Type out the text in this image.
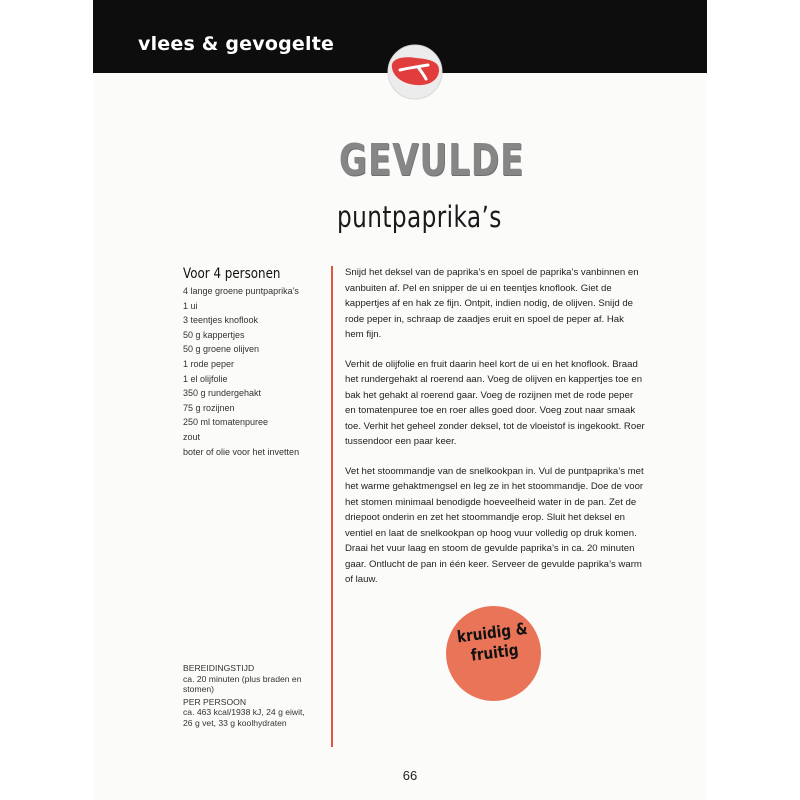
vlees & gevogelte
GEVULDE
puntpaprika’s
Voor 4 personen
4 lange groene puntpaprika’s
1 ui
3 teentjes knoflook
50 g kappertjes
50 g groene olijven
1 rode peper
1 el olijfolie
350 g rundergehakt
75 g rozijnen
250 ml tomatenpuree
zout
boter of olie voor het invetten

Snijd het deksel van de paprika’s en spoel de paprika’s vanbinnen en vanbuiten af. Pel en snipper de ui en teentjes knoflook. Giet de kappertjes af en hak ze fijn. Ontpit, indien nodig, de olijven. Snijd de rode peper in, schraap de zaadjes eruit en spoel de peper af. Hak hem fijn.

Verhit de olijfolie en fruit daarin heel kort de ui en het knoflook. Braad het rundergehakt al roerend aan. Voeg de olijven en kappertjes toe en bak het gehakt al roerend gaar. Voeg de rozijnen met de rode peper en tomatenpuree toe en roer alles goed door. Voeg zout naar smaak toe. Verhit het geheel zonder deksel, tot de vloeistof is ingekookt. Roer tussendoor een paar keer.

Vet het stoommandje van de snelkookpan in. Vul de puntpaprika’s met het warme gehaktmengsel en leg ze in het stoommandje. Doe de voor het stomen minimaal benodigde hoeveelheid water in de pan. Zet de driepoot onderin en zet het stoommandje erop. Sluit het deksel en ventiel en laat de snelkookpan op hoog vuur volledig op druk komen. Draai het vuur laag en stoom de gevulde paprika’s in ca. 20 minuten gaar. Ontlucht de pan in één keer. Serveer de gevulde paprika’s warm of lauw.

kruidig &
fruitig
BEREIDINGSTIJD
ca. 20 minuten (plus braden en stomen)
PER PERSOON
ca. 463 kcal/1938 kJ, 24 g eiwit, 26 g vet, 33 g koolhydraten
66
